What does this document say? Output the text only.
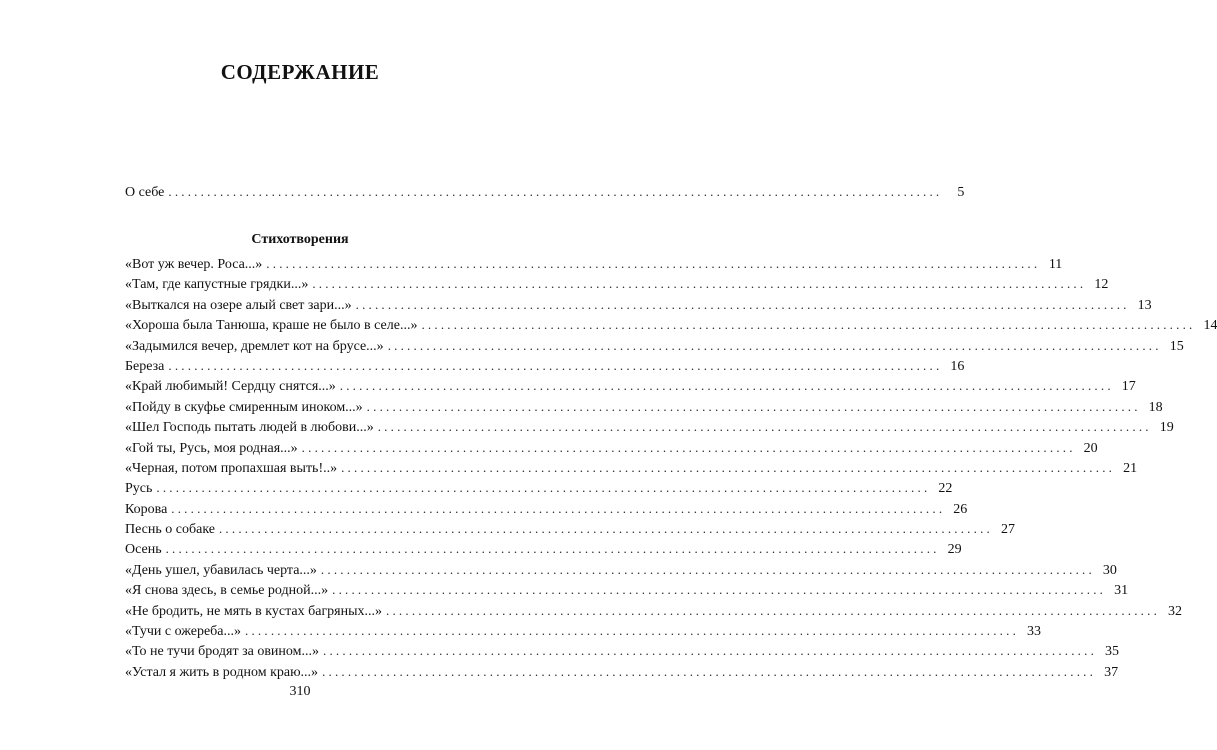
СОДЕРЖАНИЕ
О себе ........................................................................................................................	5
Стихотворения
«Вот уж вечер. Роса...» ........................................................................................................................ 11
«Там, где капустные грядки...» ........................................................................................................................ 12
«Выткался на озере алый свет зари...» ........................................................................................................................ 13
«Хороша была Танюша, краше не было в селе...» ........................................................................................................................ 14
«Задымился вечер, дремлет кот на брусе...» ........................................................................................................................ 15
Береза ........................................................................................................................ 16
«Край любимый! Сердцу снятся...» ........................................................................................................................ 17
«Пойду в скуфье смиренным иноком...» ........................................................................................................................ 18
«Шел Господь пытать людей в любови...» ........................................................................................................................ 19
«Гой ты, Русь, моя родная...» ........................................................................................................................ 20
«Черная, потом пропахшая выть!..» ........................................................................................................................ 21
Русь ........................................................................................................................ 22
Корова ........................................................................................................................ 26
Песнь о собаке ........................................................................................................................ 27
Осень ........................................................................................................................ 29
«День ушел, убавилась черта...» ........................................................................................................................ 30
«Я снова здесь, в семье родной...» ........................................................................................................................ 31
«Не бродить, не мять в кустах багряных...» ........................................................................................................................ 32
«Тучи с ожереба...» ........................................................................................................................ 33
«То не тучи бродят за овином...» ........................................................................................................................ 35
«Устал я жить в родном краю...» ........................................................................................................................ 37
310
